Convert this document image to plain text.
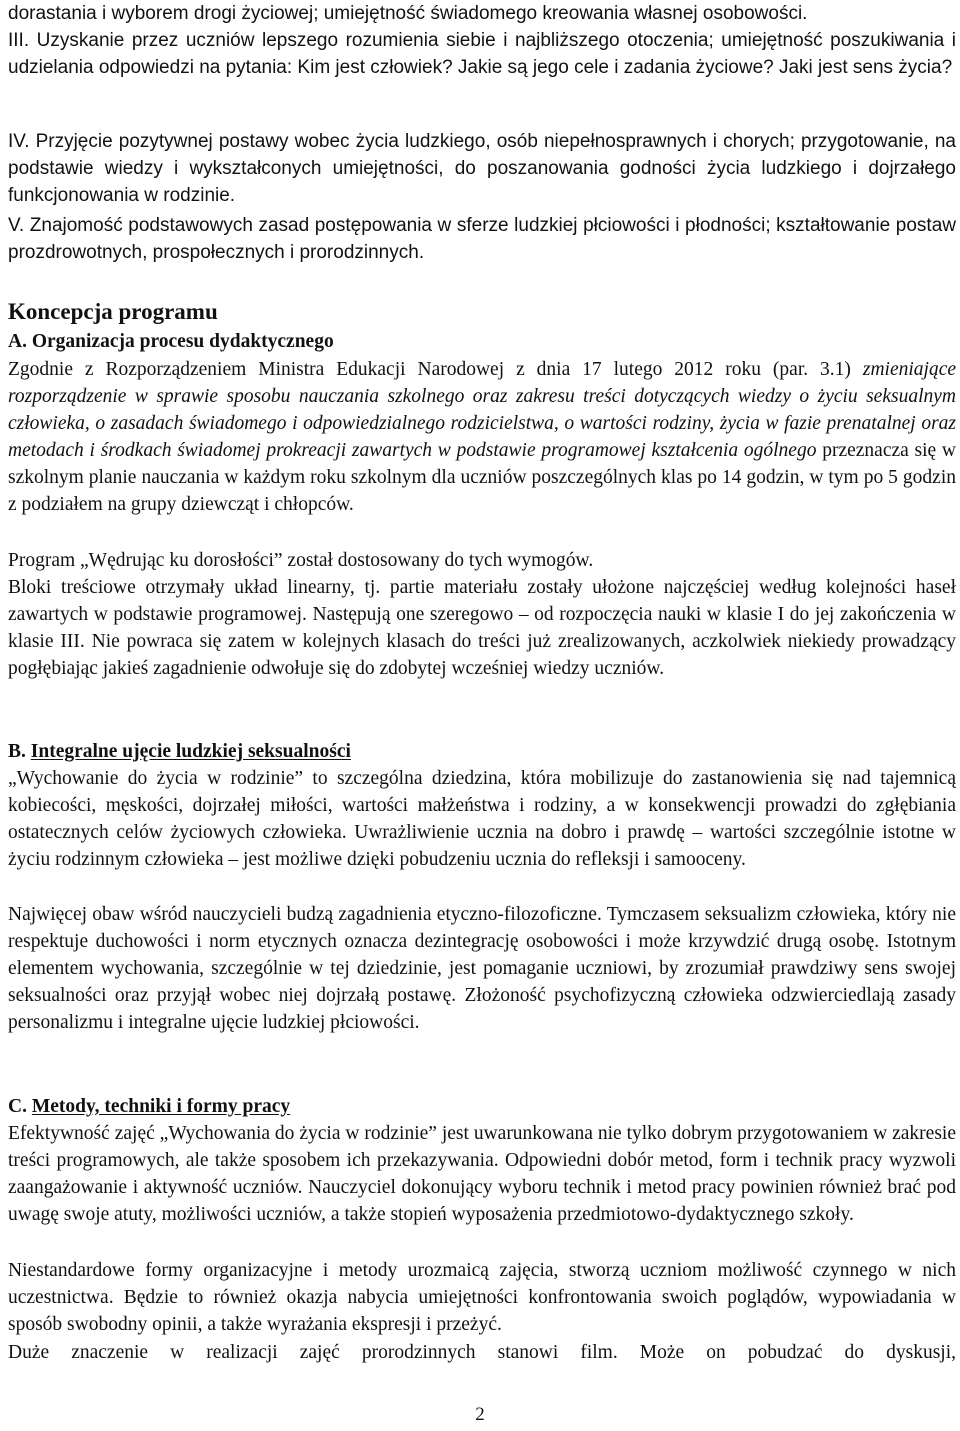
dorastania i wyborem drogi życiowej; umiejętność świadomego kreowania własnej osobowości.

III. Uzyskanie przez uczniów lepszego rozumienia siebie i najbliższego otoczenia; umiejętność poszukiwania i udzielania odpowiedzi na pytania: Kim jest człowiek? Jakie są jego cele i zadania życiowe? Jaki jest sens życia?

IV. Przyjęcie pozytywnej postawy wobec życia ludzkiego, osób niepełnosprawnych i chorych; przygotowanie, na podstawie wiedzy i wykształconych umiejętności, do poszanowania godności życia ludzkiego i dojrzałego funkcjonowania w rodzinie.

V. Znajomość podstawowych zasad postępowania w sferze ludzkiej płciowości i płodności; kształtowanie postaw prozdrowotnych, prospołecznych i prorodzinnych.

Koncepcja programu
A. Organizacja procesu dydaktycznego

Zgodnie z Rozporządzeniem Ministra Edukacji Narodowej z dnia 17 lutego 2012 roku (par. 3.1) zmieniające rozporządzenie w sprawie sposobu nauczania szkolnego oraz zakresu treści dotyczących wiedzy o życiu seksualnym człowieka, o zasadach świadomego i odpowiedzialnego rodzicielstwa, o wartości rodziny, życia w fazie prenatalnej oraz metodach i środkach świadomej prokreacji zawartych w podstawie programowej kształcenia ogólnego przeznacza się w szkolnym planie nauczania w każdym roku szkolnym dla uczniów poszczególnych klas po 14 godzin, w tym po 5 godzin z podziałem na grupy dziewcząt i chłopców.

Program „Wędrując ku dorosłości” został dostosowany do tych wymogów.

Bloki treściowe otrzymały układ linearny, tj. partie materiału zostały ułożone najczęściej według kolejności haseł zawartych w podstawie programowej. Następują one szeregowo – od rozpoczęcia nauki w klasie I do jej zakończenia w klasie III. Nie powraca się zatem w kolejnych klasach do treści już zrealizowanych, aczkolwiek niekiedy prowadzący pogłębiając jakieś zagadnienie odwołuje się do zdobytej wcześniej wiedzy uczniów.

B. Integralne ujęcie ludzkiej seksualności

„Wychowanie do życia w rodzinie” to szczególna dziedzina, która mobilizuje do zastanowienia się nad tajemnicą kobiecości, męskości, dojrzałej miłości, wartości małżeństwa i rodziny, a w konsekwencji prowadzi do zgłębiania ostatecznych celów życiowych człowieka. Uwrażliwienie ucznia na dobro i prawdę – wartości szczególnie istotne w życiu rodzinnym człowieka – jest możliwe dzięki pobudzeniu ucznia do refleksji i samooceny.

Najwięcej obaw wśród nauczycieli budzą zagadnienia etyczno-filozoficzne. Tymczasem seksualizm człowieka, który nie respektuje duchowości i norm etycznych oznacza dezintegrację osobowości i może krzywdzić drugą osobę. Istotnym elementem wychowania, szczególnie w tej dziedzinie, jest pomaganie uczniowi, by zrozumiał prawdziwy sens swojej seksualności oraz przyjął wobec niej dojrzałą postawę. Złożoność psychofizyczną człowieka odzwierciedlają zasady personalizmu i integralne ujęcie ludzkiej płciowości.

C. Metody, techniki i formy pracy

Efektywność zajęć „Wychowania do życia w rodzinie” jest uwarunkowana nie tylko dobrym przygotowaniem w zakresie treści programowych, ale także sposobem ich przekazywania. Odpowiedni dobór metod, form i technik pracy wyzwoli zaangażowanie i aktywność uczniów. Nauczyciel dokonujący wyboru technik i metod pracy powinien również brać pod uwagę swoje atuty, możliwości uczniów, a także stopień wyposażenia przedmiotowo-dydaktycznego szkoły.

Niestandardowe formy organizacyjne i metody urozmaicą zajęcia, stworzą uczniom możliwość czynnego w nich uczestnictwa. Będzie to również okazja nabycia umiejętności konfrontowania swoich poglądów, wypowiadania w sposób swobodny opinii, a także wyrażania ekspresji i przeżyć.

Duże znaczenie w realizacji zajęć prorodzinnych stanowi film. Może on pobudzać do dyskusji,

2
